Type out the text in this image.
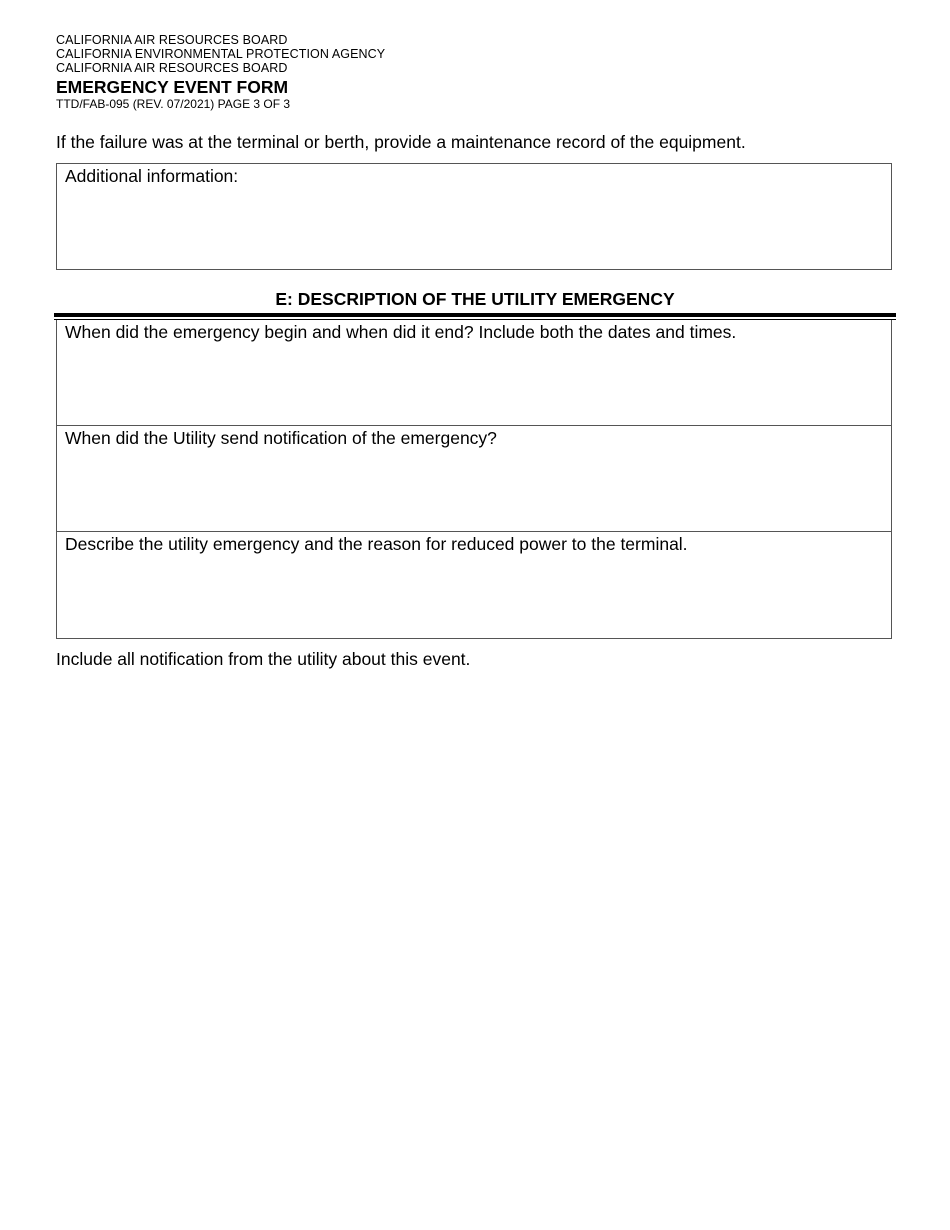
CALIFORNIA AIR RESOURCES BOARD
CALIFORNIA ENVIRONMENTAL PROTECTION AGENCY
CALIFORNIA AIR RESOURCES BOARD
EMERGENCY EVENT FORM
TTD/FAB-095 (REV. 07/2021) PAGE 3 OF 3
If the failure was at the terminal or berth, provide a maintenance record of the equipment.
Additional information:
E: DESCRIPTION OF THE UTILITY EMERGENCY
When did the emergency begin and when did it end? Include both the dates and times.
When did the Utility send notification of the emergency?
Describe the utility emergency and the reason for reduced power to the terminal.
Include all notification from the utility about this event.
